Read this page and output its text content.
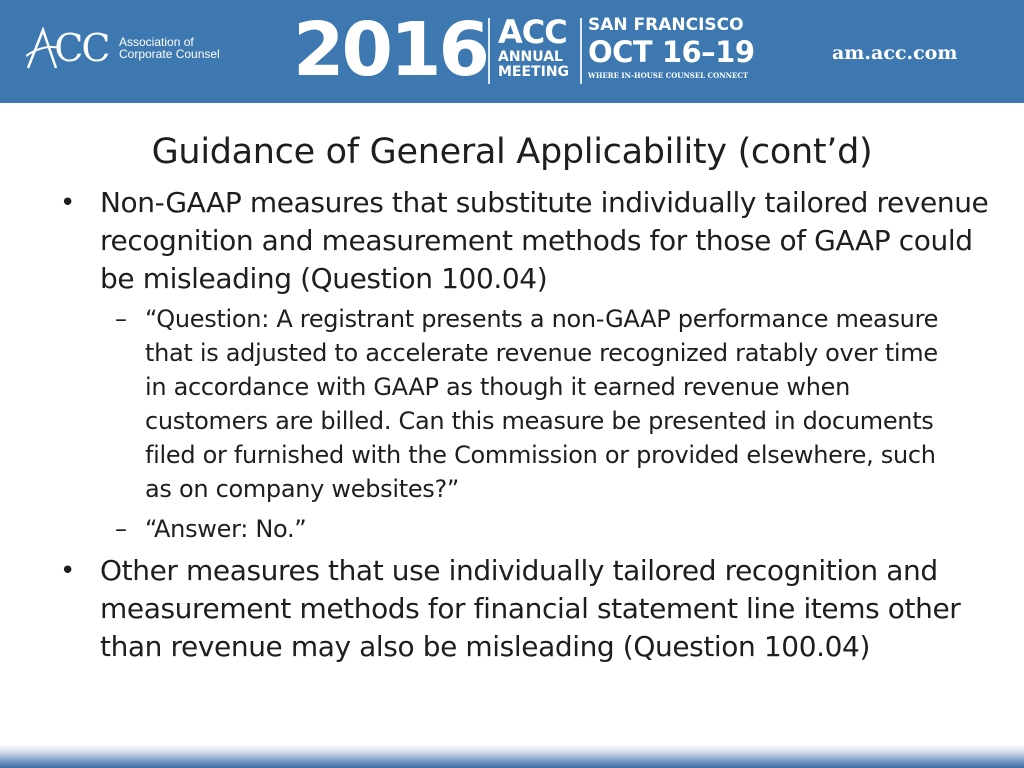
CC Association of
Corporate Counsel 2016 ACC
ANNUAL
MEETING
SAN FRANCISCO
OCT 16–19
WHERE IN-HOUSE COUNSEL CONNECT
am.acc.com
Guidance of General Applicability (cont’d)
• Non-GAAP measures that substitute individually tailored revenue recognition and measurement methods for those of GAAP could be misleading (Question 100.04)
– “Question: A registrant presents a non-GAAP performance measure that is adjusted to accelerate revenue recognized ratably over time in accordance with GAAP as though it earned revenue when customers are billed. Can this measure be presented in documents filed or furnished with the Commission or provided elsewhere, such as on company websites?”
– “Answer: No.”
• Other measures that use individually tailored recognition and measurement methods for financial statement line items other than revenue may also be misleading (Question 100.04)
